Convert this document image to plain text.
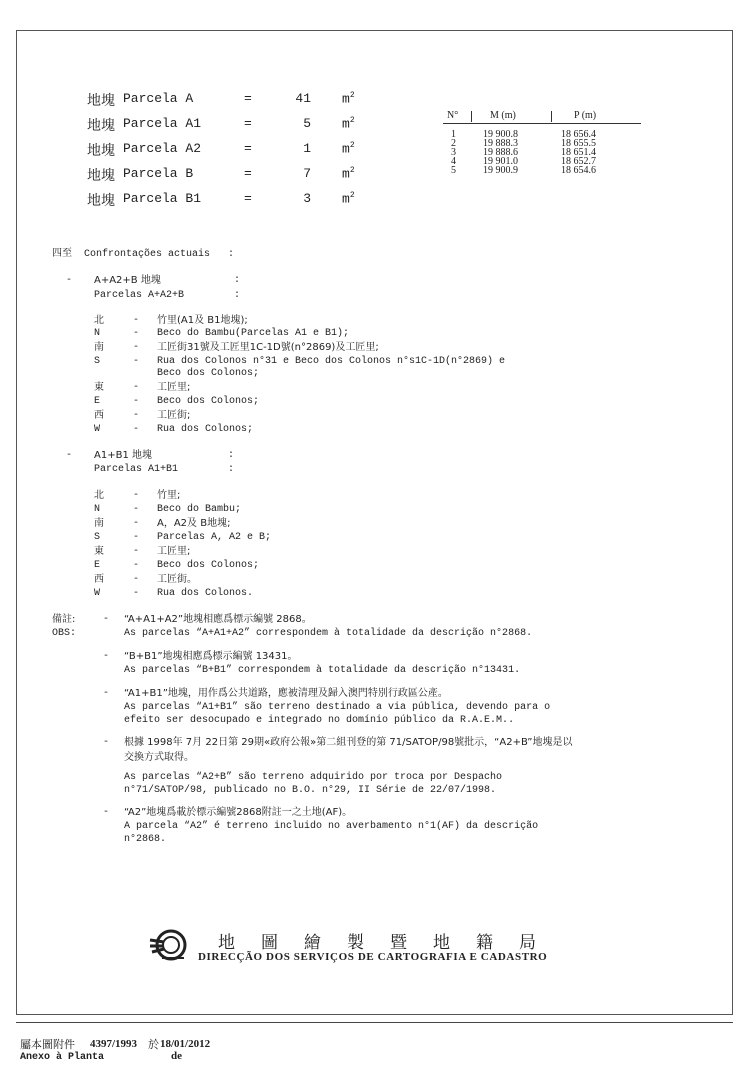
地塊 Parcela A	=	41 $m^2$
地塊 Parcela A1	=	5 $m^2$
地塊 Parcela A2	=	1 $m^2$
地塊 Parcela B	=	7 $m^2$
地塊 Parcela B1	=	3 $m^2$
N°	M (m)	P (m)
1	19 900.8	18 656.4
2	19 888.3	18 655.5
3	19 888.6	18 651.4
4	19 901.0	18 652.7
5	19 900.9	18 654.6
四至 Confrontações actuais :
- A+A2+B 地塊	:
Parcelas A+A2+B	:
北	- 竹里(A1及 B1地塊);
N	- Beco do Bambu(Parcelas A1 e B1);
南	- 工匠街31號及工匠里1C-1D號(n°2869)及工匠里;
S	- Rua dos Colonos n°31 e Beco dos Colonos n°s1C-1D(n°2869) e
Beco dos Colonos;
東	- 工匠里;
E	- Beco dos Colonos;
西	- 工匠街;
W	- Rua dos Colonos;
- A1+B1 地塊	:
Parcelas A1+B1	:
北	- 竹里;
N	- Beco do Bambu;
南	- A，A2及 B地塊;
S	- Parcelas A, A2 e B;
東	- 工匠里;
E	- Beco dos Colonos;
西	- 工匠街。
W	- Rua dos Colonos.
備註:
OBS:
- “A+A1+A2”地塊相應爲標示編號 2868。
As parcelas “A+A1+A2” correspondem à totalidade da descrição n°2868.
- “B+B1”地塊相應爲標示編號 13431。
As parcelas “B+B1” correspondem à totalidade da descrição n°13431.
- “A1+B1”地塊，用作爲公共道路，應被清理及歸入澳門特別行政區公產。
As parcelas “A1+B1” são terreno destinado a via pública, devendo para o
efeito ser desocupado e integrado no domínio público da R.A.E.M..
- 根據 1998年 7月 22日第 29期«政府公報»第二組刊登的第 71/SATOP/98號批示，“A2+B”地塊是以
交換方式取得。
As parcelas “A2+B” são terreno adquirido por troca por Despacho
n°71/SATOP/98, publicado no B.O. n°29, II Série de 22/07/1998.
- “A2”地塊爲載於標示編號2868附註一之土地(AF)。
A parcela “A2” é terreno incluido no averbamento n°1(AF) da descrição
n°2868.
地圖繪製暨地籍局
DIRECÇÃO DOS SERVIÇOS DE CARTOGRAFIA E CADASTRO
屬本圖附件 4397/1993 於 18/01/2012

Anexo à Planta	de
